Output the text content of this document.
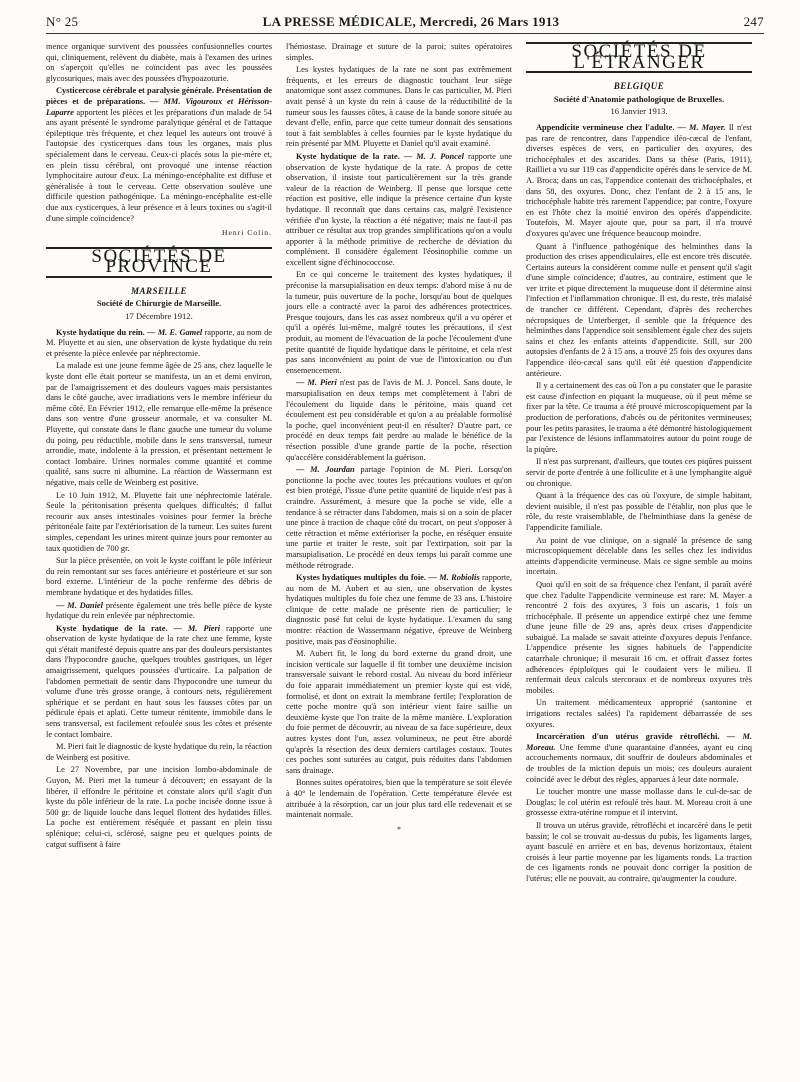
N° 25	LA PRESSE MÉDICALE, Mercredi, 26 Mars 1913	247

mence organique survivent des poussées confusionnelles courtes qui, cliniquement, relèvent du diabète, mais à l'examen des urines on s'aperçoit qu'elles ne coïncident pas avec les poussées glycosuriques, mais avec des poussées d'hypoazoturie.

Cysticercose cérébrale et paralysie générale. Présentation de pièces et de préparations. — MM. Vigouroux et Hérisson-Laparre apportent les pièces et les préparations d'un malade de 54 ans ayant présenté le syndrome paralytique général et de l'attaque épileptique très fréquente, et chez lequel les auteurs ont trouvé à l'autopsie des cysticerques dans tous les organes, mais plus spécialement dans le cerveau. Ceux-ci placés sous la pie-mère et, en plein tissu cérébral, ont provoqué une intense réaction lymphocitaire autour d'eux. La méningo-encéphalite est diffuse et généralisée à tout le cerveau. Cette observation soulève une difficile question pathogénique. La méningo-encéphalite est-elle due aux cysticerques, à leur présence et à leurs toxines ou s'agit-il d'une simple coïncidence?

Henri Colin.
SOCIÉTÉS DE PROVINCE
MARSEILLE
Société de Chirurgie de Marseille.
17 Décembre 1912.

Kyste hydatique du rein. — M. E. Gamel rapporte, au nom de M. Pluyette et au sien, une observation de kyste hydatique du rein et présente la pièce enlevée par néphrectomie.

La malade est une jeune femme âgée de 25 ans, chez laquelle le kyste dont elle était porteur se manifesta, un an et demi environ, par de l'amaigrissement et des douleurs vagues mais persistantes dans le côté gauche, avec irradiations vers le membre inférieur du même côté. En Février 1912, elle remarque elle-même la présence dans son ventre d'une grosseur anormale, et va consulter M. Pluyette, qui constate dans le flanc gauche une tumeur du volume du poing, peu réductible, mobile dans le sens transversal, tumeur arrondie, mate, indolente à la pression, et présentant nettement le contact lombaire. Urines normales comme quantité et comme qualité, sans sucre ni albumine. La réaction de Wassermann est négative, mais celle de Weinberg est positive.

Le 10 Juin 1912, M. Pluyette fait une néphrectomie latérale. Seule la péritonisation présenta quelques difficultés; il fallut recourir aux anses intestinales voisines pour fermer la brèche péritonéale faite par l'extériorisation de la tumeur. Les suites furent simples, cependant les urines mirent quinze jours pour remonter au taux quotidien de 700 gr.

Sur la pièce présentée, on voit le kyste coiffant le pôle inférieur du rein remontant sur ses faces antérieure et postérieure et sur son bord externe. L'intérieur de la poche renferme des débris de membrane hydatique et des hydatides filles.

— M. Daniel présente également une très belle pièce de kyste hydatique du rein enlevée par néphrectomie.

Kyste hydatique de la rate. — M. Pieri rapporte une observation de kyste hydatique de la rate chez une femme, kyste qui s'était manifesté depuis quatre ans par des douleurs persistantes dans l'hypocondre gauche, quelques troubles gastriques, un léger amaigrissement, quelques poussées d'urticaire. La palpation de l'abdomen permettait de sentir dans l'hypocondre une tumeur du volume d'une très grosse orange, à contours nets, régulièrement sphérique et se perdant en haut sous les fausses côtes par un pédicule épais et aplati. Cette tumeur rénitente, immobile dans le sens transversal, est facilement refoulée sous les côtes et présente le contact lombaire.

M. Pieri fait le diagnostic de kyste hydatique du rein, la réaction de Weinberg est positive.

Le 27 Novembre, par une incision lombo-abdominale de Guyon, M. Pieri met la tumeur à découvert; en essayant de la libérer, il effondre le péritoine et constate alors qu'il s'agit d'un kyste du pôle inférieur de la rate. La poche incisée donne issue à 500 gr. de liquide louche dans lequel flottent des hydatides filles. La poche est entièrement réséquée et passant en plein tissu splénique; celui-ci, sclérosé, saigne peu et quelques points de catgut suffisent à faire

l'hémostase. Drainage et suture de la paroi; suites opératoires simples.

Les kystes hydatiques de la rate ne sont pas extrêmement fréquents, et les erreurs de diagnostic touchant leur siège anatomique sont assez communes. Dans le cas particulier, M. Pieri avait pensé à un kyste du rein à cause de la réductibilité de la tumeur sous les fausses côtes, à cause de la bande sonore située au devant d'elle, enfin, parce que cette tumeur donnait des sensations tout à fait semblables à celles fournies par le kyste hydatique du rein présenté par MM. Pluyette et Daniel qu'il avait examiné.

Kyste hydatique de la rate. — M. J. Poncel rapporte une observation de kyste hydatique de la rate. A propos de cette observation, il insiste tout particulièrement sur la très grande valeur de la réaction de Weinberg. Il pense que lorsque cette réaction est positive, elle indique la présence certaine d'un kyste hydatique. Il reconnaît que dans certains cas, malgré l'existence vérifiée d'un kyste, la réaction a été négative; mais ne faut-il pas attribuer ce résultat aux trop grandes simplifications qu'on a voulu apporter à la méthode primitive de recherche de déviation du complément. Il considère également l'éosinophilie comme un excellent signe d'échinococcose.

En ce qui concerne le traitement des kystes hydatiques, il préconise la marsupialisation en deux temps: d'abord mise à nu de la tumeur, puis ouverture de la poche, lorsqu'au bout de quelques jours elle a contracté avec la paroi des adhérences protectrices. Presque toujours, dans les cas assez nombreux qu'il a vu opérer et qu'il a opérés lui-même, malgré toutes les précautions, il s'est produit, au moment de l'évacuation de la poche l'écoulement d'une petite quantité de liquide hydatique dans le péritoine, et cela n'est pas sans inconvénient au point de vue de l'intoxication ou d'un ensemencement.

— M. Pieri n'est pas de l'avis de M. J. Poncel. Sans doute, le marsupialisation en deux temps met complètement à l'abri de l'écoulement du liquide dans le péritoine, mais quand cet écoulement est peu considérable et qu'on a au préalable formolisé la poche, quel inconvénient peut-il en résulter? D'autre part, ce procédé en deux temps fait perdre au malade le bénéfice de la résection possible d'une grande partie de la poche, résection qu'accélère considérablement la guérison.

— M. Jourdan partage l'opinion de M. Pieri. Lorsqu'on ponctionne la poche avec toutes les précautions voulues et qu'on est bien protégé, l'issue d'une petite quantité de liquide n'est pas à craindre. Assurément, à mesure que la poche se vide, elle a tendance à se rétracter dans l'abdomen, mais si on a soin de placer une pince à traction de chaque côté du trocart, on peut s'opposer à cette rétraction et même extérioriser la poche, en réséquer ensuite une partie et traiter le reste, soit par l'extirpation, soit par la marsupialisation. Le procédé en deux temps lui paraît comme une méthode rétrograde.

Kystes hydatiques multiples du foie. — M. Robiolis rapporte, au nom de M. Aubert et au sien, une observation de kystes hydatiques multiples du foie chez une femme de 33 ans. L'histoire clinique de cette malade ne présente rien de particulier; le diagnostic posé fut celui de kyste hydatique. L'examen du sang montre: réaction de Wassermann négative, épreuve de Weinberg positive, mais pas d'éosinophilie.

M. Aubert fit, le long du bord externe du grand droit, une incision verticale sur laquelle il fit tomber une deuxième incision transversale suivant le rebord costal. Au niveau du bord inférieur du foie apparait immédiatement un premier kyste qui est vidé, formolisé, et dont on extrait la membrane fertile; l'exploration de cette poche montre qu'à son intérieur vient faire saillie un deuxième kyste que l'on traite de la même manière. L'exploration du foie permet de découvrir, au niveau de sa face supérieure, deux autres kystes dont l'un, assez volumineux, ne peut être abordé qu'après la résection des deux derniers cartilages costaux. Toutes ces poches sont suturées au catgut, puis réduites dans l'abdomen sans drainage.

Bonnes suites opératoires, bien que la température se soit élevée à 40° le lendemain de l'opération. Cette température élevée est attribuée à la résorption, car un jour plus tard elle redevenait et se maintenait normale.

*
SOCIÉTÉS DE L'ÉTRANGER
BELGIQUE
Société d'Anatomie pathologique de Bruxelles.
16 Janvier 1913.

Appendicite vermineuse chez l'adulte. — M. Mayer. Il n'est pas rare de rencontrer, dans l'appendice iléo-cæcal de l'enfant, diverses espèces de vers, en particulier des oxyures, des trichocéphales et des ascarides. Dans sa thèse (Paris, 1911), Railliet a vu sur 119 cas d'appendicite opérés dans le service de M. A. Broca; dans un cas, l'appendice contenait des trichocéphales, et dans 58, des oxyures. Donc, chez l'enfant de 2 à 15 ans, le trichocéphale habite très rarement l'appendice; par contre, l'oxyure en est l'hôte chez la moitié environ des opérés d'appendicite. Toutefois, M. Mayer ajoute que, pour sa part, il n'a trouvé d'oxyures qu'avec une fréquence beaucoup moindre.

Quant à l'influence pathogénique des helminthes dans la production des crises appendiculaires, elle est encore très discutée. Certains auteurs la considèrent comme nulle et pensent qu'il s'agit d'une simple coïncidence; d'autres, au contraire, estiment que le ver irrite et pique directement la muqueuse dont il détermine ainsi l'infection et l'inflammation chronique. Il est, du reste, très malaisé de trancher ce différent. Cependant, d'après des recherches nécropsiques de Unterberger, il semble que la fréquence des helminthes dans l'appendice soit sensiblement égale chez des sujets sains et chez les enfants atteints d'appendicite. Still, sur 200 autopsies d'enfants de 2 à 15 ans, a trouvé 25 fois des oxyures dans l'appendice iléo-cæcal sans qu'il eût été question d'appendicite antérieure.

Il y a certainement des cas où l'on a pu constater que le parasite est cause d'infection en piquant la muqueuse, où il peut même se fixer par la tête. Ce trauma a été prouvé microscopiquement par la production de perforations, d'abcès ou de péritonites vermineuses; pour les petits parasites, le trauma a été démontré histologiquement par l'existence de lésions inflammatoires autour du point rouge de la piqûre.

Il n'est pas surprenant, d'ailleurs, que toutes ces piqûres puissent servir de porte d'entrée à une folliculite et à une lymphangite aiguë ou chronique.

Quant à la fréquence des cas où l'oxyure, de simple habitant, devient nuisible, il n'est pas possible de l'établir, non plus que le rôle, du reste vraisemblable, de l'helminthiase dans la genèse de l'appendicite familiale.

Au point de vue clinique, on a signalé la présence de sang microscopiquement décelable dans les selles chez les individus atteints d'appendicite vermineuse. Mais ce signe semble au moins incertain.

Quoi qu'il en soit de sa fréquence chez l'enfant, il paraît avéré que chez l'adulte l'appendicite vermineuse est rare: M. Mayer a rencontré 2 fois des oxyures, 3 fois un ascaris, 1 fois un trichocéphale. Il présente un appendice extirpé chez une femme d'une jeune fille de 29 ans, après deux crises d'appendicite subaiguë. La malade se savait atteinte d'oxyures depuis l'enfance. L'appendice présente les signes habituels de l'appendicite catarrhale chronique; il mesurait 16 cm. et offrait d'assez fortes adhérences épiploïques qui le coudaient vers le milieu. Il renfermait deux calculs stercoraux et de nombreux oxyures très mobiles.

Un traitement médicamenteux approprié (santonine et irrigations rectales salées) l'a rapidement débarrassée de ses oxyures.

Incarcération d'un utérus gravide rétrofléchi. — M. Moreau. Une femme d'une quarantaine d'années, ayant eu cinq accouchements normaux, dit souffrir de douleurs abdominales et de troubles de la miction depuis un mois; ces douleurs auraient coïncidé avec le début des règles, apparues à leur date normale.

Le toucher montre une masse mollasse dans le cul-de-sac de Douglas; le col utérin est refoulé très haut. M. Moreau croit à une grossesse extra-utérine rompue et il intervint.

Il trouva un utérus gravide, rétrofléchi et incarcéré dans le petit bassin; le col se trouvait au-dessus du pubis, les ligaments larges, ayant basculé en arrière et en bas, devenus horizontaux, étaient croisés à leur partie moyenne par les ligaments ronds. La traction de ces ligaments ronds ne pouvait donc corriger la position de l'utérus; elle ne pouvait, au contraire, qu'augmenter la coudure.
